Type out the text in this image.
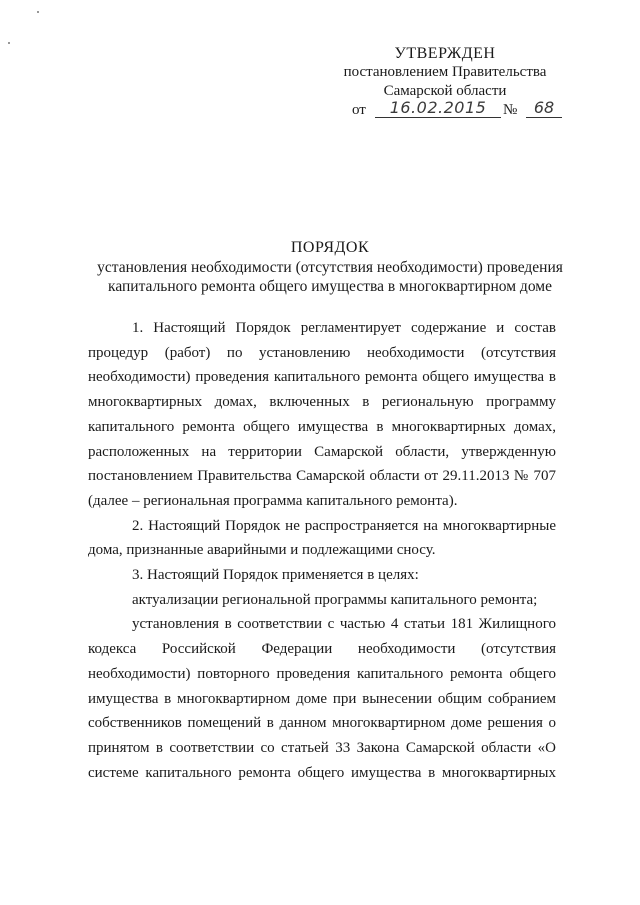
УТВЕРЖДЕН
постановлением Правительства
Самарской области
от	16.02.2015	№	68
ПОРЯДОК
установления необходимости (отсутствия необходимости) проведения капитального ремонта общего имущества в многоквартирном доме

1. Настоящий Порядок регламентирует содержание и состав процедур (работ) по установлению необходимости (отсутствия необходимости) проведения капитального ремонта общего имущества в многоквартирных домах, включенных в региональную программу капитального ремонта общего имущества в многоквартирных домах, расположенных на территории Самарской области, утвержденную постановлением Правительства Самарской области от 29.11.2013 № 707 (далее – региональная программа капитального ремонта).

2. Настоящий Порядок не распространяется на многоквартирные дома, признанные аварийными и подлежащими сносу.

3. Настоящий Порядок применяется в целях:

актуализации региональной программы капитального ремонта;

установления в соответствии с частью 4 статьи 181 Жилищного кодекса Российской Федерации необходимости (отсутствия необходимости) повторного проведения капитального ремонта общего имущества в многоквартирном доме при вынесении общим собранием собственников помещений в данном многоквартирном доме решения о принятом в соответствии со статьей 33 Закона Самарской области «О системе капитального ремонта общего имущества в многоквартирных
